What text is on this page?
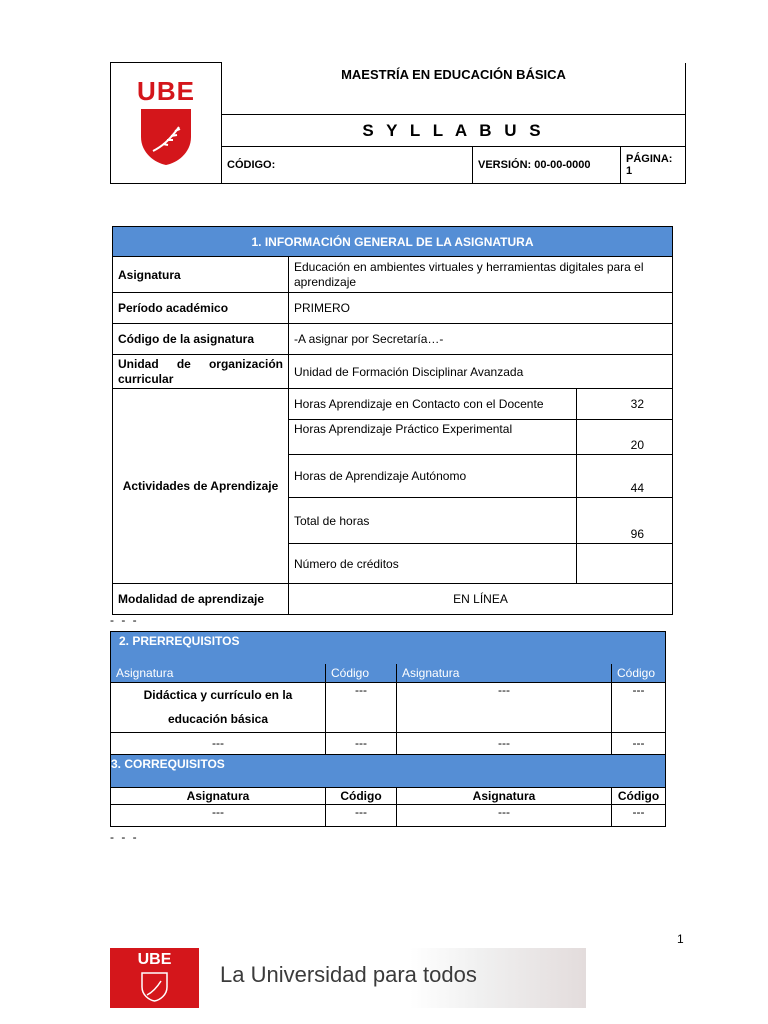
UBE	MAESTRÍA EN EDUCACIÓN BÁSICA		
	S Y L L A B U S		
	CÓDIGO:	VERSIÓN: 00-00-0000	PÁGINA: 1
1. INFORMACIÓN GENERAL DE LA ASIGNATURA		
Asignatura	Educación en ambientes virtuales y herramientas digitales para el aprendizaje	
Período académico	PRIMERO	
Código de la asignatura	-A asignar por Secretaría…-	
Unidad de organización curricular	Unidad de Formación Disciplinar Avanzada	
Actividades de Aprendizaje	Horas Aprendizaje en Contacto con el Docente	32
	Horas Aprendizaje Práctico Experimental	20
	Horas de Aprendizaje Autónomo	44
	Total de horas	96
	Número de créditos	
Modalidad de aprendizaje	EN LÍNEA	
- - -
2. PRERREQUISITOS			
Asignatura	Código	Asignatura	Código

Didáctica y currículo en la
educación básica	---	---	---
---	---	---	---
3. CORREQUISITOS			
Asignatura	Código	Asignatura	Código
---	---	---	---
- - -
1
UBE
La Universidad para todos
